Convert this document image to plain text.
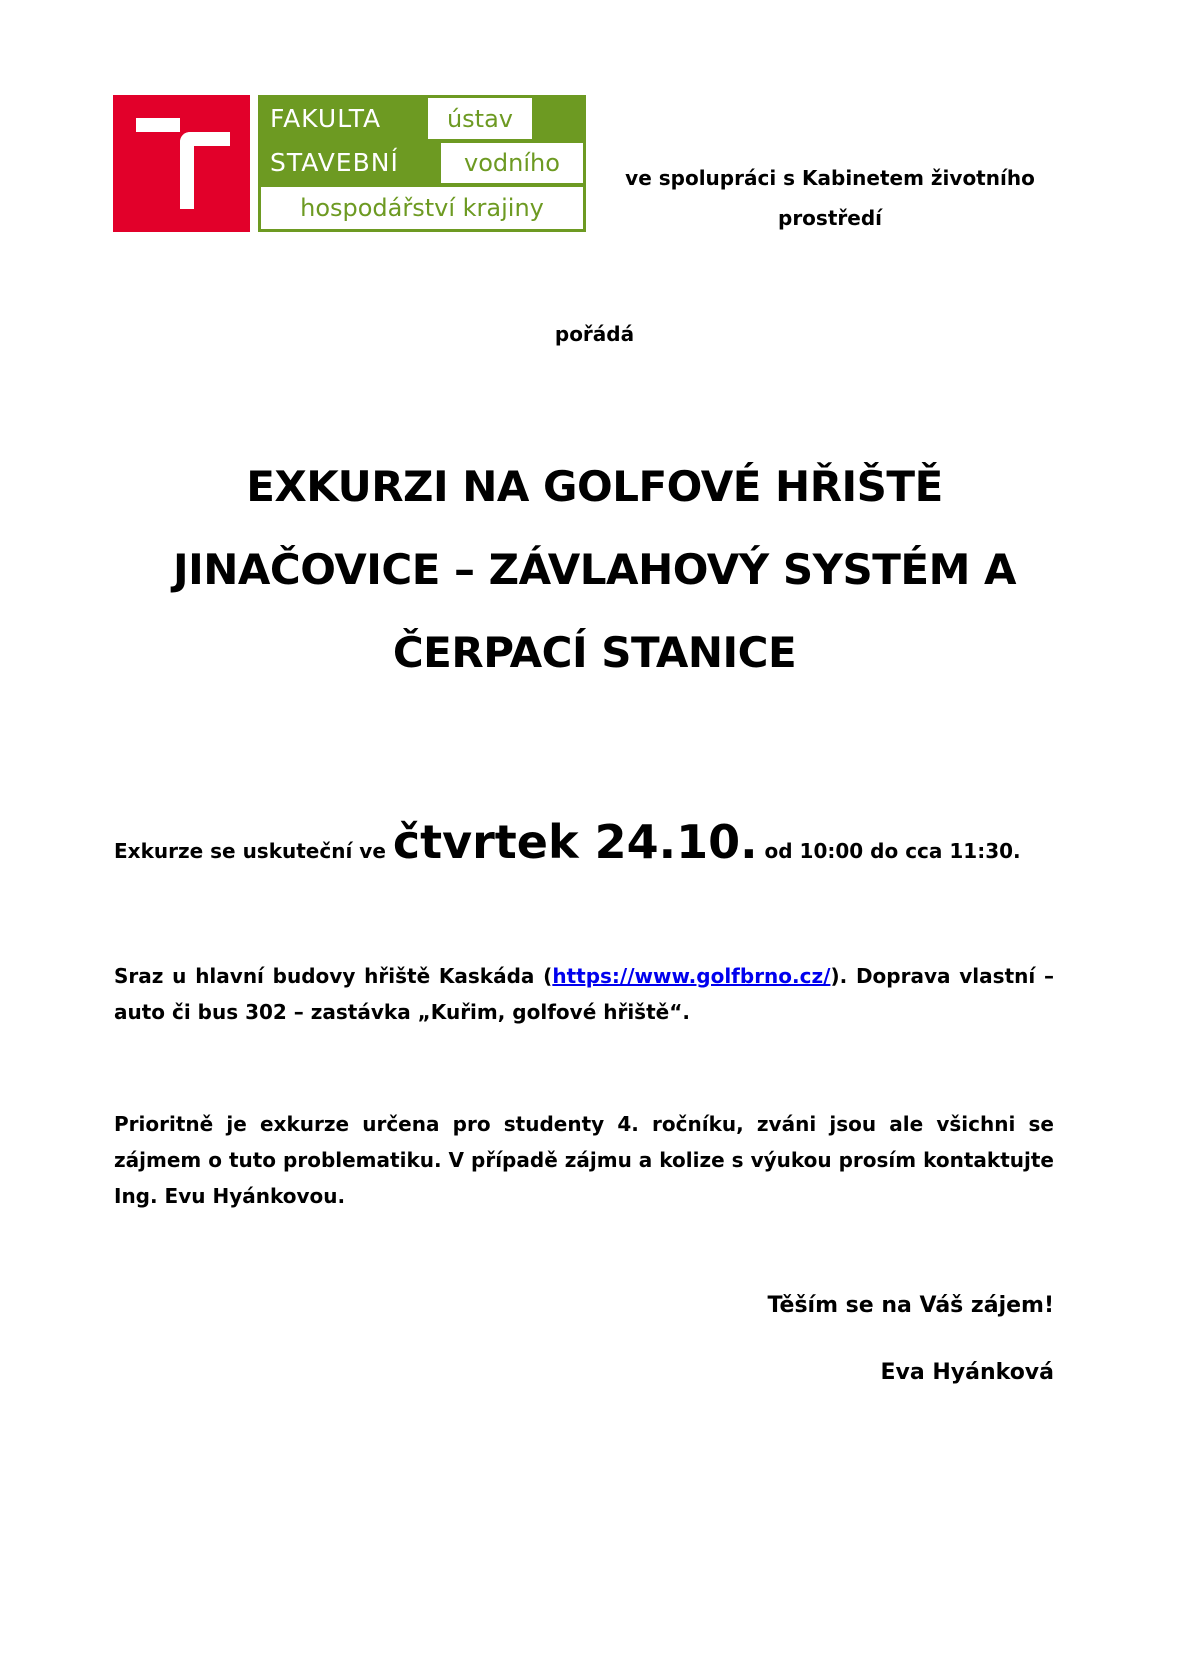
FAKULTA
STAVEBNÍ
ústav
vodního
hospodářství krajiny
ve spolupráci s Kabinetem životního
prostředí
pořádá
EXKURZI NA GOLFOVÉ HŘIŠTĚ
JINAČOVICE – ZÁVLAHOVÝ SYSTÉM A
ČERPACÍ STANICE
Exkurze se uskuteční ve čtvrtek 24.10. od 10:00 do cca 11:30.
Sraz u hlavní budovy hřiště Kaskáda (https://www.golfbrno.cz/). Doprava vlastní – auto či bus 302 – zastávka „Kuřim, golfové hřiště“.
Prioritně je exkurze určena pro studenty 4. ročníku, zváni jsou ale všichni se zájmem o tuto problematiku. V případě zájmu a kolize s výukou prosím kontaktujte Ing. Evu Hyánkovou.
Těším se na Váš zájem!
Eva Hyánková
